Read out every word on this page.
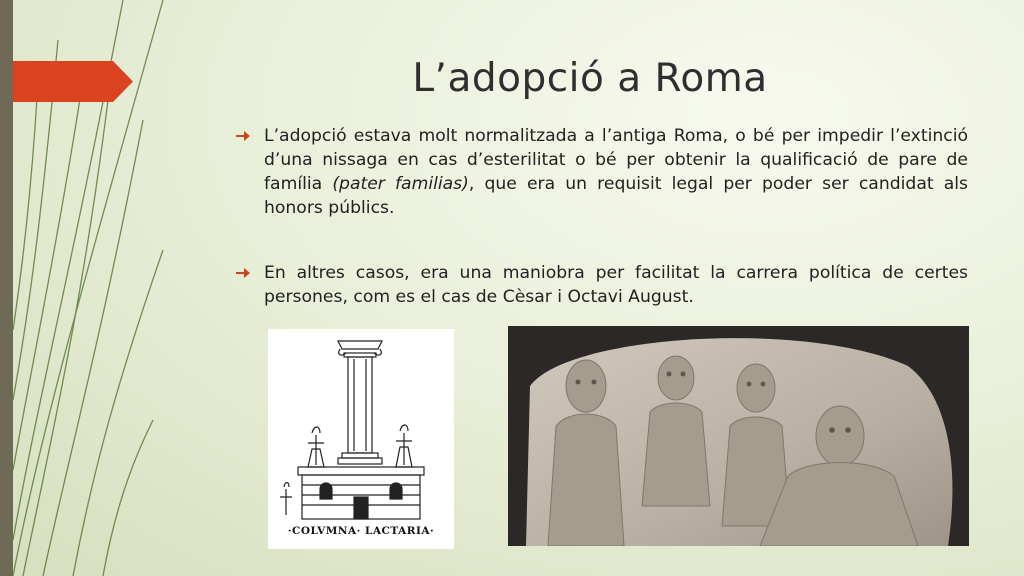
L’adopció a Roma
L’adopció estava molt normalitzada a l’antiga Roma, o bé per impedir l’extinció d’una nissaga en cas d’esterilitat o bé per obtenir la qualificació de pare de família (pater familias), que era un requisit legal per poder ser candidat als honors públics.
En altres casos, era una maniobra per facilitat la carrera política de certes persones, com es el cas de Cèsar i Octavi August.
·COLVMNA· LACTARIA·
